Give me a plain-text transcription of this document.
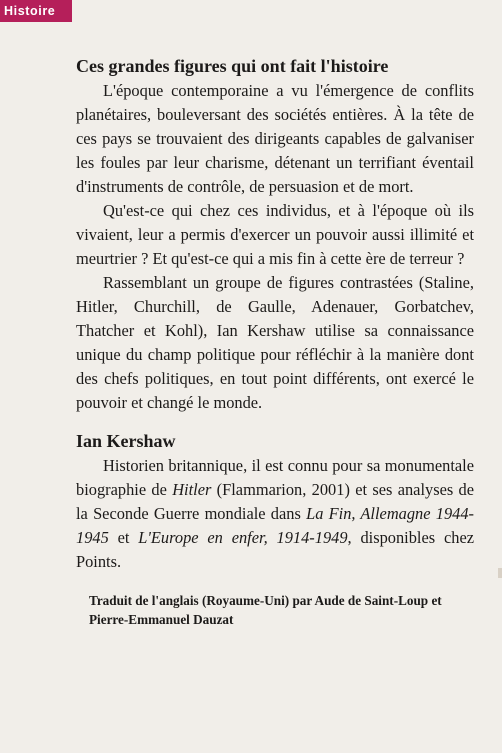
Histoire
Ces grandes figures qui ont fait l'histoire

L'époque contemporaine a vu l'émergence de conflits planétaires, bouleversant des sociétés entières. À la tête de ces pays se trouvaient des dirigeants capables de galvaniser les foules par leur charisme, détenant un terrifiant éventail d'instruments de contrôle, de persuasion et de mort.

Qu'est-ce qui chez ces individus, et à l'époque où ils vivaient, leur a permis d'exercer un pouvoir aussi illimité et meurtrier ? Et qu'est-ce qui a mis fin à cette ère de terreur ?

Rassemblant un groupe de figures contrastées (Staline, Hitler, Churchill, de Gaulle, Adenauer, Gorbatchev, Thatcher et Kohl), Ian Kershaw utilise sa connaissance unique du champ politique pour réfléchir à la manière dont des chefs politiques, en tout point différents, ont exercé le pouvoir et changé le monde.

Ian Kershaw

Historien britannique, il est connu pour sa monumentale biographie de Hitler (Flammarion, 2001) et ses analyses de la Seconde Guerre mondiale dans La Fin, Allemagne 1944-1945 et L'Europe en enfer, 1914-1949, disponibles chez Points.

Traduit de l'anglais (Royaume-Uni) par Aude de Saint-Loup et Pierre-Emmanuel Dauzat
